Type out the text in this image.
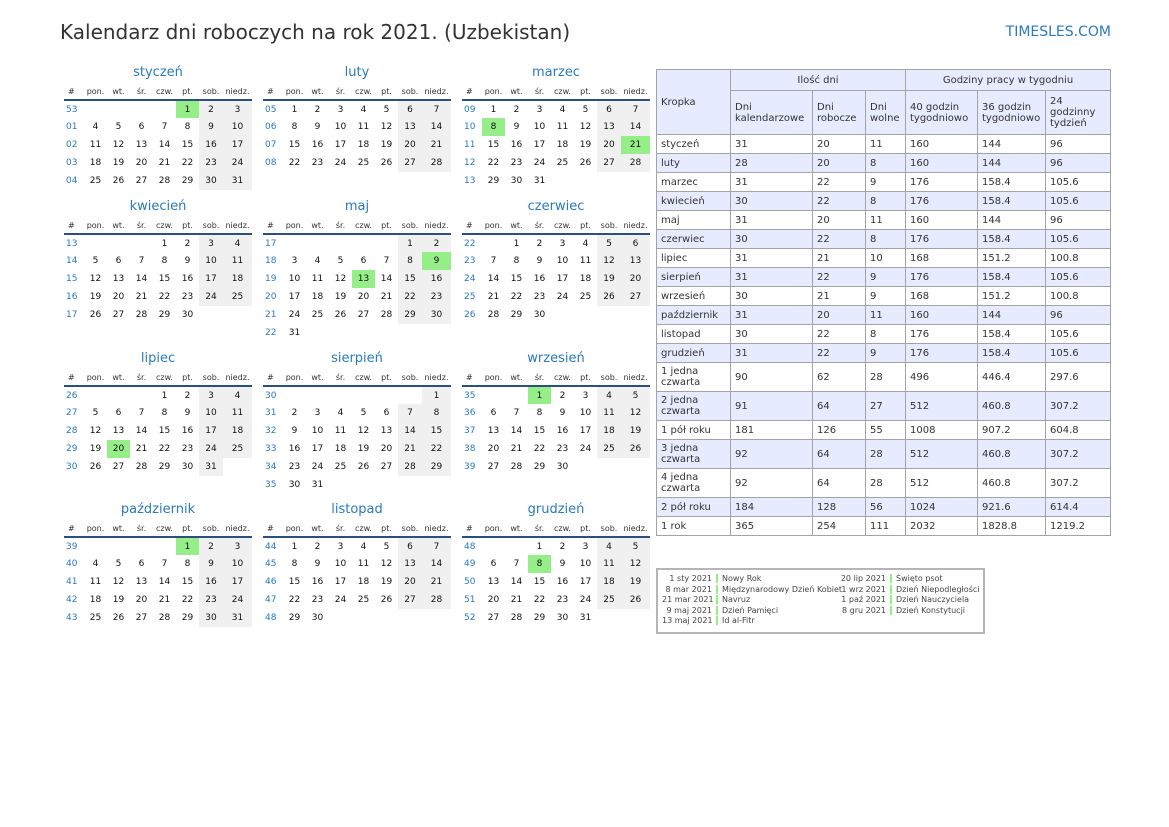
Kalendarz dni roboczych na rok 2021. (Uzbekistan)	TIMESLES.COM
styczeń
#	pon.	wt.	śr.	czw.	pt.	sob.	niedz.
53					1	2	3
01	4	5	6	7	8	9	10
02	11	12	13	14	15	16	17
03	18	19	20	21	22	23	24
04	25	26	27	28	29	30	31
luty
#	pon.	wt.	śr.	czw.	pt.	sob.	niedz.
05	1	2	3	4	5	6	7
06	8	9	10	11	12	13	14
07	15	16	17	18	19	20	21
08	22	23	24	25	26	27	28
marzec
#	pon.	wt.	śr.	czw.	pt.	sob.	niedz.
09	1	2	3	4	5	6	7
10	8	9	10	11	12	13	14
11	15	16	17	18	19	20	21
12	22	23	24	25	26	27	28
13	29	30	31				
kwiecień
#	pon.	wt.	śr.	czw.	pt.	sob.	niedz.
13				1	2	3	4
14	5	6	7	8	9	10	11
15	12	13	14	15	16	17	18
16	19	20	21	22	23	24	25
17	26	27	28	29	30		
maj
#	pon.	wt.	śr.	czw.	pt.	sob.	niedz.
17						1	2
18	3	4	5	6	7	8	9
19	10	11	12	13	14	15	16
20	17	18	19	20	21	22	23
21	24	25	26	27	28	29	30
22	31						
czerwiec
#	pon.	wt.	śr.	czw.	pt.	sob.	niedz.
22		1	2	3	4	5	6
23	7	8	9	10	11	12	13
24	14	15	16	17	18	19	20
25	21	22	23	24	25	26	27
26	28	29	30				
lipiec
#	pon.	wt.	śr.	czw.	pt.	sob.	niedz.
26				1	2	3	4
27	5	6	7	8	9	10	11
28	12	13	14	15	16	17	18
29	19	20	21	22	23	24	25
30	26	27	28	29	30	31	
sierpień
#	pon.	wt.	śr.	czw.	pt.	sob.	niedz.
30							1
31	2	3	4	5	6	7	8
32	9	10	11	12	13	14	15
33	16	17	18	19	20	21	22
34	23	24	25	26	27	28	29
35	30	31					
wrzesień
#	pon.	wt.	śr.	czw.	pt.	sob.	niedz.
35			1	2	3	4	5
36	6	7	8	9	10	11	12
37	13	14	15	16	17	18	19
38	20	21	22	23	24	25	26
39	27	28	29	30			
październik
#	pon.	wt.	śr.	czw.	pt.	sob.	niedz.
39					1	2	3
40	4	5	6	7	8	9	10
41	11	12	13	14	15	16	17
42	18	19	20	21	22	23	24
43	25	26	27	28	29	30	31
listopad
#	pon.	wt.	śr.	czw.	pt.	sob.	niedz.
44	1	2	3	4	5	6	7
45	8	9	10	11	12	13	14
46	15	16	17	18	19	20	21
47	22	23	24	25	26	27	28
48	29	30					
grudzień
#	pon.	wt.	śr.	czw.	pt.	sob.	niedz.
48			1	2	3	4	5
49	6	7	8	9	10	11	12
50	13	14	15	16	17	18	19
51	20	21	22	23	24	25	26
52	27	28	29	30	31		
Kropka	Ilość dni			Godziny pracy w tygodniu		
	Dni kalendarzowe	Dni robocze	Dni wolne	40 godzin tygodniowo	36 godzin tygodniowo	24 godzinny tydzień
styczeń	31	20	11	160	144	96
luty	28	20	8	160	144	96
marzec	31	22	9	176	158.4	105.6
kwiecień	30	22	8	176	158.4	105.6
maj	31	20	11	160	144	96
czerwiec	30	22	8	176	158.4	105.6
lipiec	31	21	10	168	151.2	100.8
sierpień	31	22	9	176	158.4	105.6
wrzesień	30	21	9	168	151.2	100.8
październik	31	20	11	160	144	96
listopad	30	22	8	176	158.4	105.6
grudzień	31	22	9	176	158.4	105.6
1 jedna czwarta	90	62	28	496	446.4	297.6
2 jedna czwarta	91	64	27	512	460.8	307.2
1 pół roku	181	126	55	1008	907.2	604.8
3 jedna czwarta	92	64	28	512	460.8	307.2
4 jedna czwarta	92	64	28	512	460.8	307.2
2 pół roku	184	128	56	1024	921.6	614.4
1 rok	365	254	111	2032	1828.8	1219.2
1 sty 2021 Nowy Rok
8 mar 2021 Międzynarodowy Dzień Kobiet
21 mar 2021 Navruz
9 maj 2021 Dzień Pamięci
13 maj 2021 Id al-Fitr
20 lip 2021 Święto psot
1 wrz 2021 Dzień Niepodległości
1 paź 2021 Dzień Nauczyciela
8 gru 2021 Dzień Konstytucji
